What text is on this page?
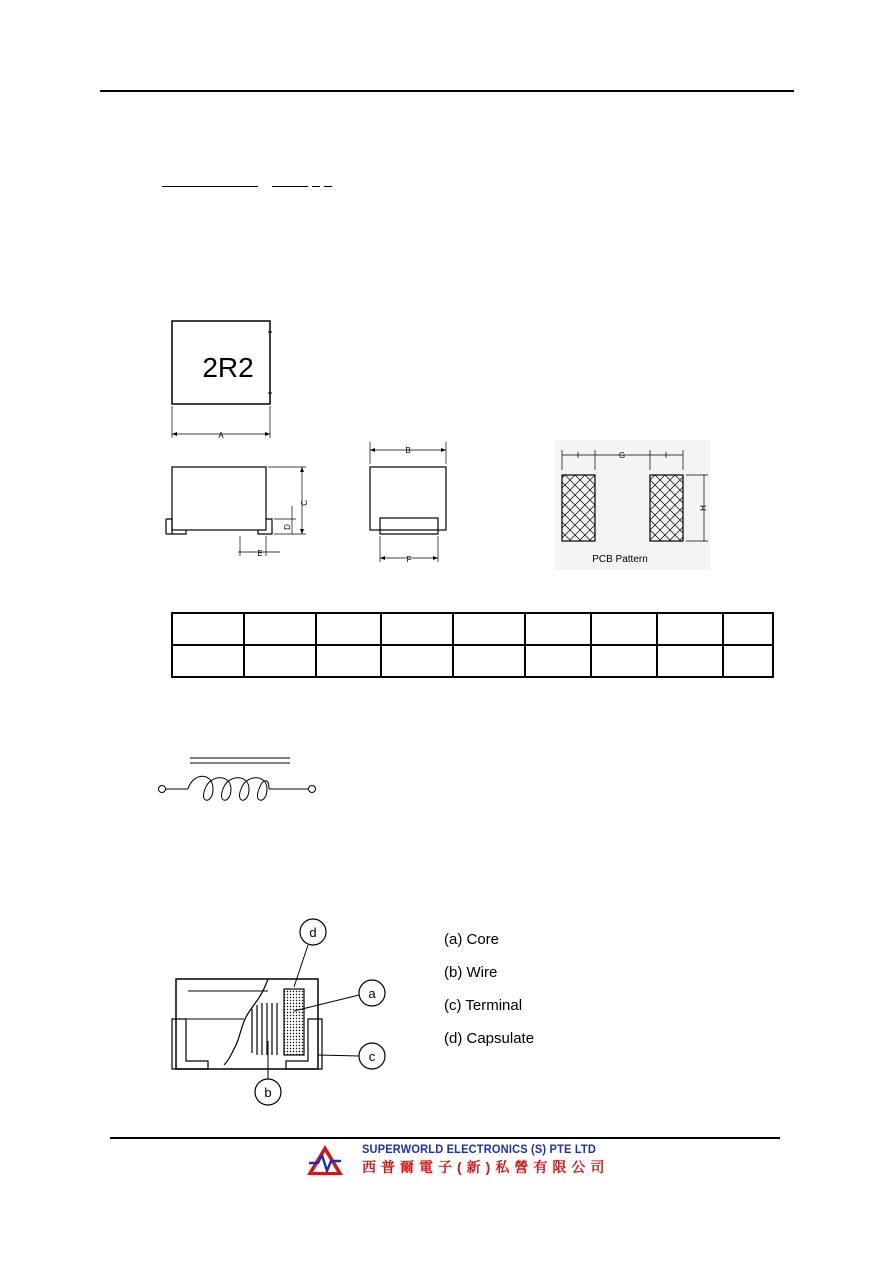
2R2
A
C
D
E
B
F
I	G	I
H
PCB Pattern

d
a
c
b
(a) Core
(b) Wire
(c) Terminal
(d) Capsulate
SUPERWORLD ELECTRONICS (S) PTE LTD
西普爾電子(新)私營有限公司
